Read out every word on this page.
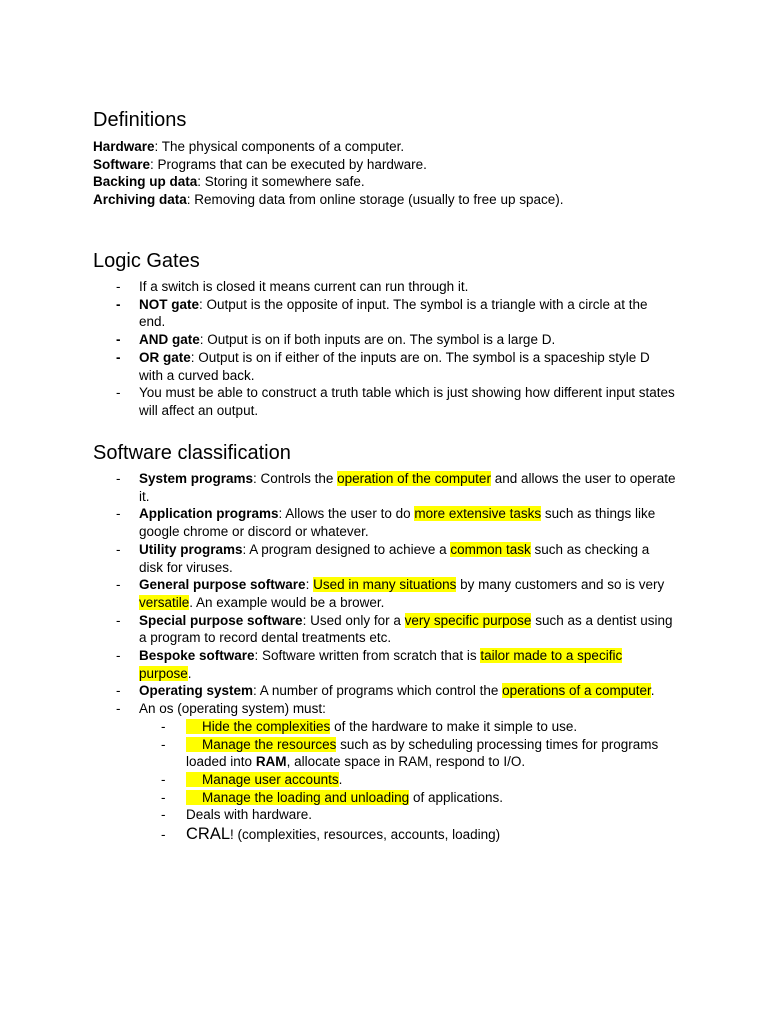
Definitions

Hardware: The physical components of a computer.

Software: Programs that can be executed by hardware.

Backing up data: Storing it somewhere safe.

Archiving data: Removing data from online storage (usually to free up space).

Logic Gates
- If a switch is closed it means current can run through it.
- NOT gate: Output is the opposite of input. The symbol is a triangle with a circle at the end.
- AND gate: Output is on if both inputs are on. The symbol is a large D.
- OR gate: Output is on if either of the inputs are on. The symbol is a spaceship style D with a curved back.
- You must be able to construct a truth table which is just showing how different input states will affect an output.
Software classification
- System programs: Controls the operation of the computer and allows the user to operate it.
- Application programs: Allows the user to do more extensive tasks such as things like google chrome or discord or whatever.
- Utility programs: A program designed to achieve a common task such as checking a disk for viruses.
- General purpose software: Used in many situations by many customers and so is very versatile. An example would be a brower.
- Special purpose software: Used only for a very specific purpose such as a dentist using a program to record dental treatments etc.
- Bespoke software: Software written from scratch that is tailor made to a specific purpose.
- Operating system: A number of programs which control the operations of a computer.
- An os (operating system) must:
-	Hide the complexities of the hardware to make it simple to use.
-	Manage the resources such as by scheduling processing times for programs loaded into RAM, allocate space in RAM, respond to I/O.
-	Manage user accounts.
-	Manage the loading and unloading of applications.
- Deals with hardware.
- CRAL! (complexities, resources, accounts, loading)
